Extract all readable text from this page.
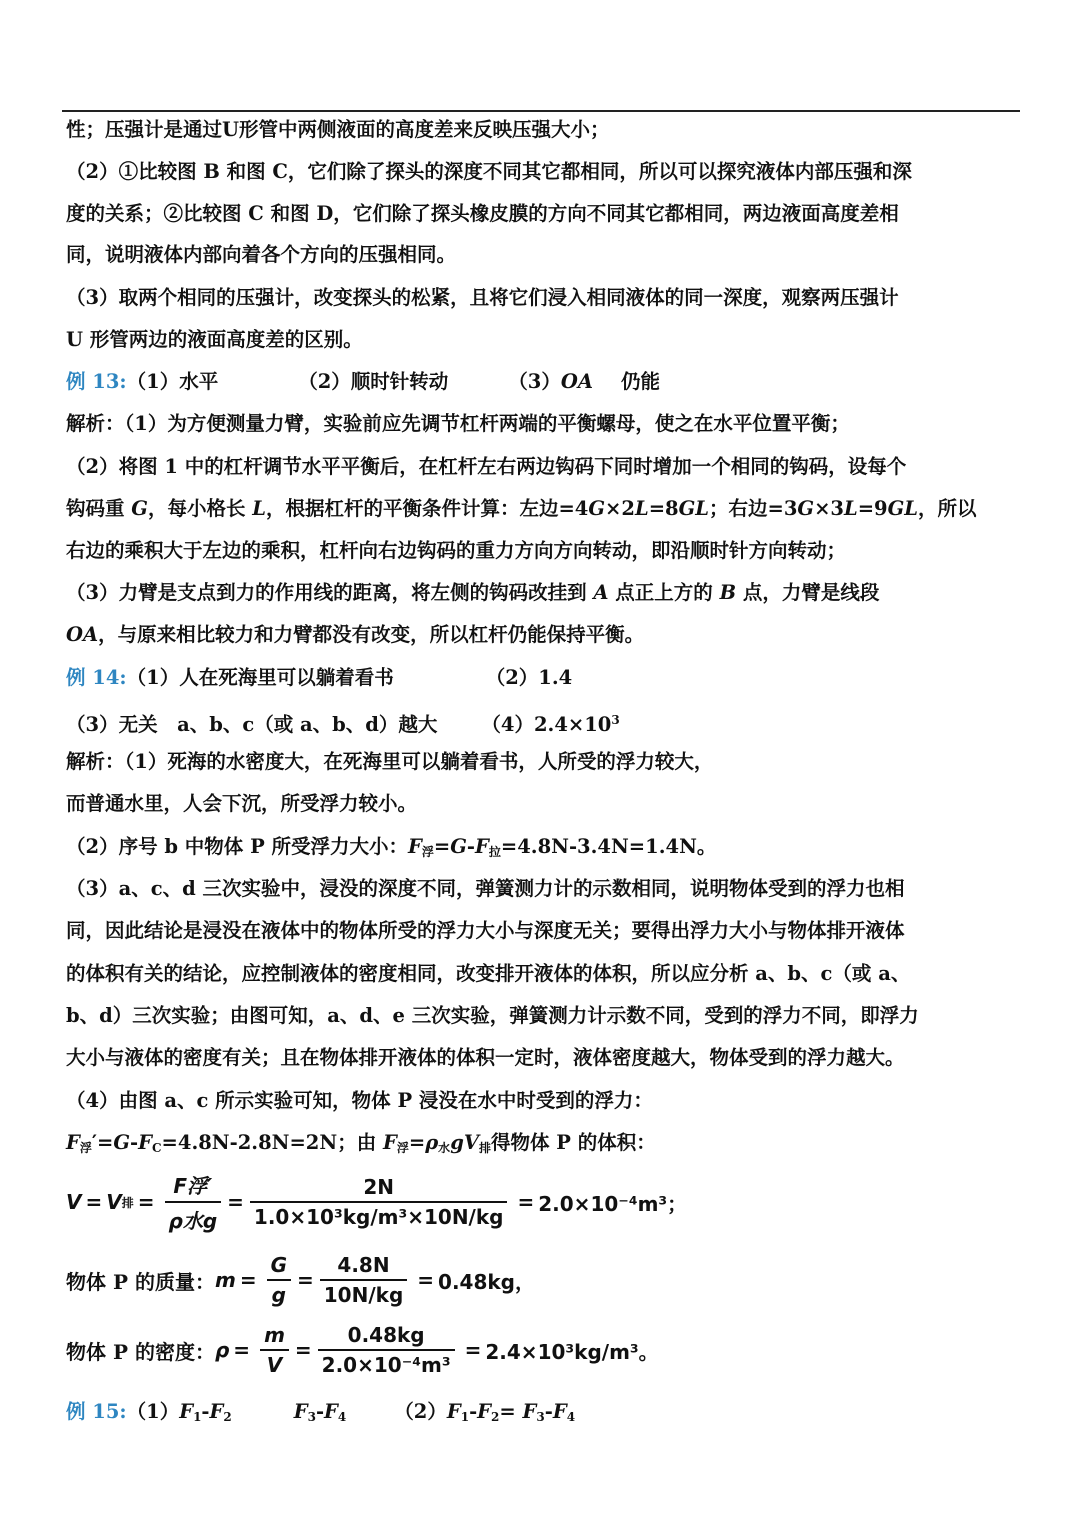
性；压强计是通过U形管中两侧液面的高度差来反映压强大小；
（2）①比较图 B 和图 C，它们除了探头的深度不同其它都相同，所以可以探究液体内部压强和深
度的关系；②比较图 C 和图 D，它们除了探头橡皮膜的方向不同其它都相同，两边液面高度差相
同，说明液体内部向着各个方向的压强相同。
（3）取两个相同的压强计，改变探头的松紧，且将它们浸入相同液体的同一深度，观察两压强计
U 形管两边的液面高度差的区别。
例 13:（1）水平	（2）顺时针转动	（3）OA 仍能
解析：（1）为方便测量力臂，实验前应先调节杠杆两端的平衡螺母，使之在水平位置平衡；
（2）将图 1 中的杠杆调节水平平衡后，在杠杆左右两边钩码下同时增加一个相同的钩码，设每个
钩码重 G，每小格长 L，根据杠杆的平衡条件计算：左边=4G×2L=8GL；右边=3G×3L=9GL，所以
右边的乘积大于左边的乘积，杠杆向右边钩码的重力方向方向转动，即沿顺时针方向转动；
（3）力臂是支点到力的作用线的距离，将左侧的钩码改挂到 A 点正上方的 B 点，力臂是线段
OA，与原来相比较力和力臂都没有改变，所以杠杆仍能保持平衡。
例 14:（1）人在死海里可以躺着看书	（2）1.4
（3）无关　a、b、c（或 a、b、d）越大 $(4)2.4\times 10^3$
解析：（1）死海的水密度大，在死海里可以躺着看书，人所受的浮力较大，
而普通水里，人会下沉，所受浮力较小。
（2）序号 b 中物体 P 所受浮力大小：$F_浮=G-F_拉=4.8N-3.4N=1.4N$。
（3）a、c、d 三次实验中，浸没的深度不同，弹簧测力计的示数相同，说明物体受到的浮力也相
同，因此结论是浸没在液体中的物体所受的浮力大小与深度无关；要得出浮力大小与物体排开液体
的体积有关的结论，应控制液体的密度相同，改变排开液体的体积，所以应分析 a、b、c（或 a、
b、d）三次实验；由图可知，a、d、e 三次实验，弹簧测力计示数不同，受到的浮力不同，即浮力
大小与液体的密度有关；且在物体排开液体的体积一定时，液体密度越大，物体受到的浮力越大。
（4）由图 a、c 所示实验可知，物体 P 浸没在水中时受到的浮力：
$F_浮'=G-F_C=4.8N-2.8N=2N$；由 $F_浮=\rho_水gV_排$得物体 P 的体积：
V = V 排 = $\frac{\text{F浮′}}{\text{ρ水g}} = \frac{2N}{\text{1.0×10³kg/m³×10N/kg}} = 2.0\times 10^{-4}m^3$；
物体 P 的质量： $m = \frac{G}{g} = \frac{4.8N}{10N/kg} = 0.48kg$，
物体 P 的密度： $\rho = \frac{m}{V} = \frac{0.48kg}{\text{2.0×10⁻⁴m³}} = 2.4\times 10^3kg/m^3$。
例 $15:(1)F_1-F_2$	$F_3-F_4$ $(2)F_1-F_2= F_3-F_4$
